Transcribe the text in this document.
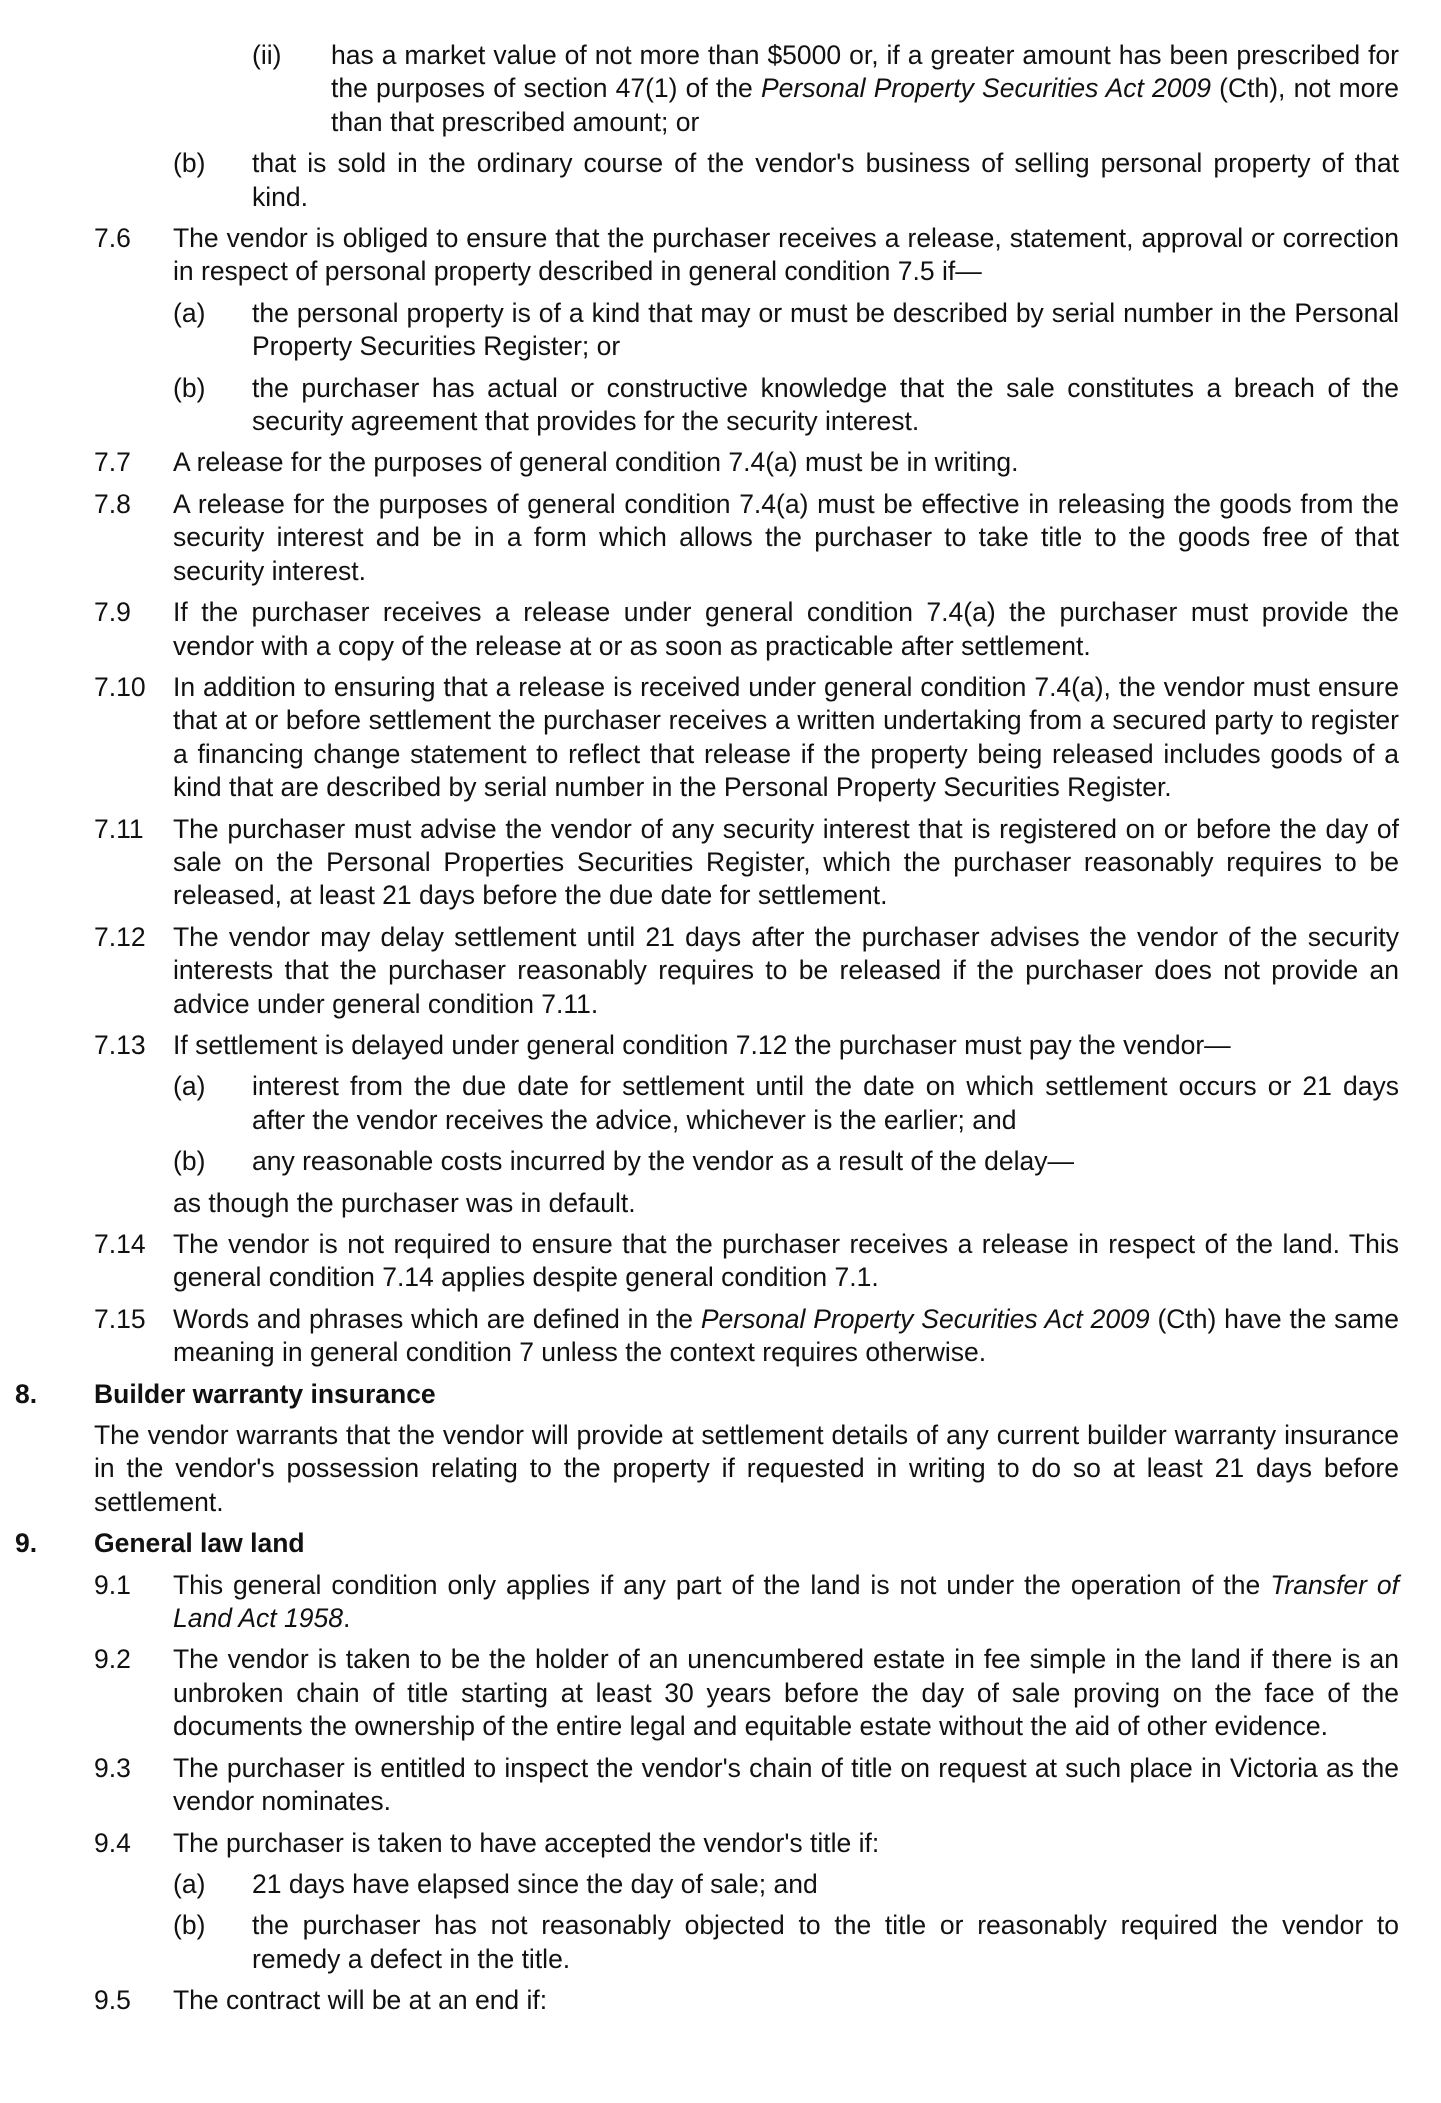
(ii) has a market value of not more than $5000 or, if a greater amount has been prescribed for the purposes of section 47(1) of the Personal Property Securities Act 2009 (Cth), not more than that prescribed amount; or
(b) that is sold in the ordinary course of the vendor's business of selling personal property of that kind.
7.6 The vendor is obliged to ensure that the purchaser receives a release, statement, approval or correction in respect of personal property described in general condition 7.5 if—
(a) the personal property is of a kind that may or must be described by serial number in the Personal Property Securities Register; or
(b) the purchaser has actual or constructive knowledge that the sale constitutes a breach of the security agreement that provides for the security interest.
7.7 A release for the purposes of general condition 7.4(a) must be in writing.
7.8 A release for the purposes of general condition 7.4(a) must be effective in releasing the goods from the security interest and be in a form which allows the purchaser to take title to the goods free of that security interest.
7.9 If the purchaser receives a release under general condition 7.4(a) the purchaser must provide the vendor with a copy of the release at or as soon as practicable after settlement.
7.10 In addition to ensuring that a release is received under general condition 7.4(a), the vendor must ensure that at or before settlement the purchaser receives a written undertaking from a secured party to register a financing change statement to reflect that release if the property being released includes goods of a kind that are described by serial number in the Personal Property Securities Register.
7.11 The purchaser must advise the vendor of any security interest that is registered on or before the day of sale on the Personal Properties Securities Register, which the purchaser reasonably requires to be released, at least 21 days before the due date for settlement.
7.12 The vendor may delay settlement until 21 days after the purchaser advises the vendor of the security interests that the purchaser reasonably requires to be released if the purchaser does not provide an advice under general condition 7.11.
7.13 If settlement is delayed under general condition 7.12 the purchaser must pay the vendor—
(a) interest from the due date for settlement until the date on which settlement occurs or 21 days after the vendor receives the advice, whichever is the earlier; and
(b) any reasonable costs incurred by the vendor as a result of the delay—
as though the purchaser was in default.
7.14 The vendor is not required to ensure that the purchaser receives a release in respect of the land. This general condition 7.14 applies despite general condition 7.1.
7.15 Words and phrases which are defined in the Personal Property Securities Act 2009 (Cth) have the same meaning in general condition 7 unless the context requires otherwise.
8. Builder warranty insurance
The vendor warrants that the vendor will provide at settlement details of any current builder warranty insurance in the vendor's possession relating to the property if requested in writing to do so at least 21 days before settlement.
9. General law land
9.1 This general condition only applies if any part of the land is not under the operation of the Transfer of Land Act 1958.
9.2 The vendor is taken to be the holder of an unencumbered estate in fee simple in the land if there is an unbroken chain of title starting at least 30 years before the day of sale proving on the face of the documents the ownership of the entire legal and equitable estate without the aid of other evidence.
9.3 The purchaser is entitled to inspect the vendor's chain of title on request at such place in Victoria as the vendor nominates.
9.4 The purchaser is taken to have accepted the vendor's title if:
(a) 21 days have elapsed since the day of sale; and
(b) the purchaser has not reasonably objected to the title or reasonably required the vendor to remedy a defect in the title.
9.5 The contract will be at an end if:
